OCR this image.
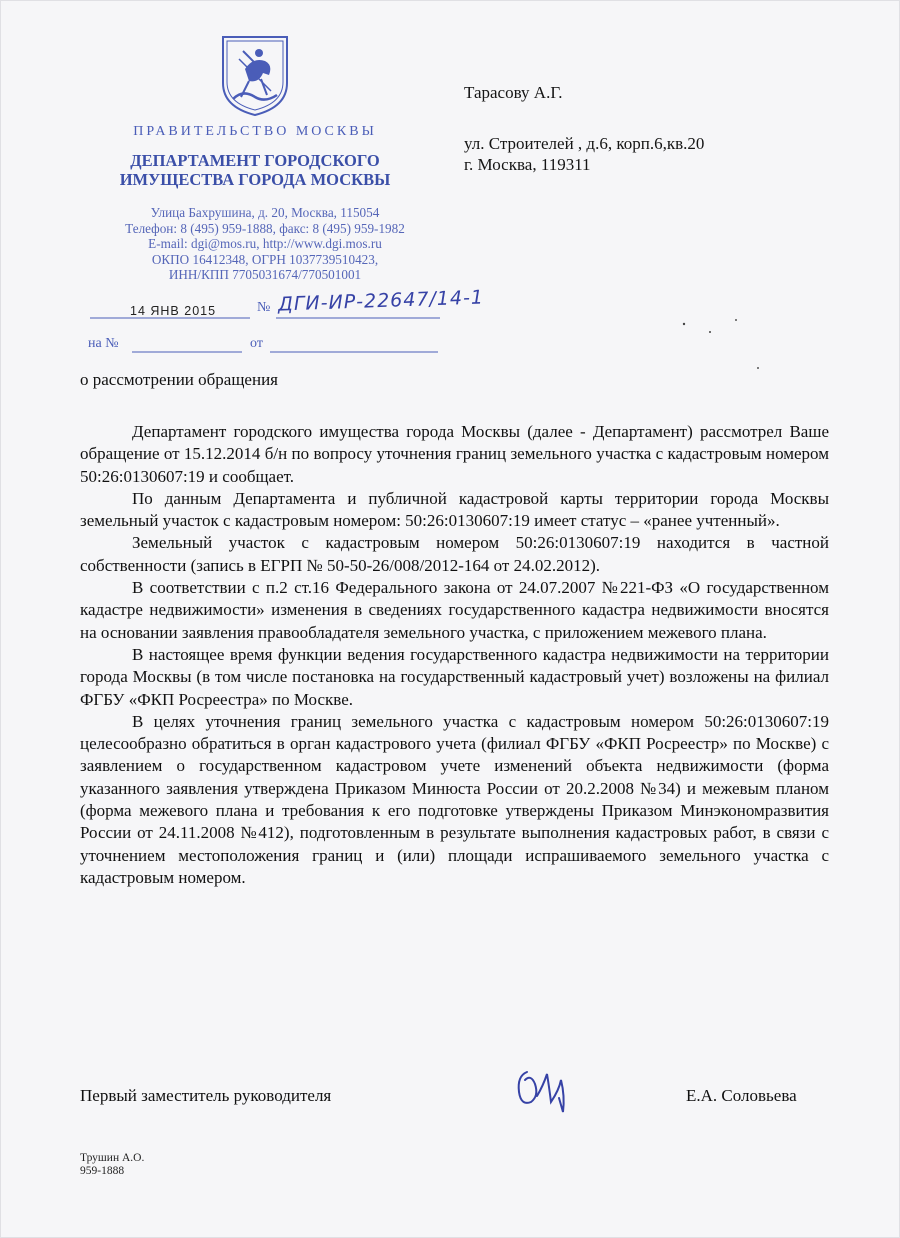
ПРАВИТЕЛЬСТВО МОСКВЫ
ДЕПАРТАМЕНТ ГОРОДСКОГО
ИМУЩЕСТВА ГОРОДА МОСКВЫ
Улица Бахрушина, д. 20, Москва, 115054
Телефон: 8 (495) 959-1888, факс: 8 (495) 959-1982
E-mail: dgi@mos.ru, http://www.dgi.mos.ru
ОКПО 16412348, ОГРН 1037739510423,
ИНН/КПП 7705031674/770501001
14 ЯНВ 2015	№ ДГИ-ИР-22647/14-1
на №	от
Тарасову А.Г.
ул. Строителей , д.6, корп.6,кв.20
г. Москва, 119311
о рассмотрении обращения

Департамент городского имущества города Москвы (далее - Департамент) рассмотрел Ваше обращение от 15.12.2014 б/н по вопросу уточнения границ земельного участка с кадастровым номером 50:26:0130607:19 и сообщает.

По данным Департамента и публичной кадастровой карты территории города Москвы земельный участок с кадастровым номером: 50:26:0130607:19 имеет статус – «ранее учтенный».

Земельный участок с кадастровым номером 50:26:0130607:19 находится в частной собственности (запись в ЕГРП № 50-50-26/008/2012-164 от 24.02.2012).

В соответствии с п.2 ст.16 Федерального закона от 24.07.2007 №221-ФЗ «О государственном кадастре недвижимости» изменения в сведениях государственного кадастра недвижимости вносятся на основании заявления правообладателя земельного участка, с приложением межевого плана.

В настоящее время функции ведения государственного кадастра недвижимости на территории города Москвы (в том числе постановка на государственный кадастровый учет) возложены на филиал ФГБУ «ФКП Росреестра» по Москве.

В целях уточнения границ земельного участка с кадастровым номером 50:26:0130607:19 целесообразно обратиться в орган кадастрового учета (филиал ФГБУ «ФКП Росреестр» по Москве) с заявлением о государственном кадастровом учете изменений объекта недвижимости (форма указанного заявления утверждена Приказом Минюста России от 20.2.2008 №34) и межевым планом (форма межевого плана и требования к его подготовке утверждены Приказом Минэкономразвития России от 24.11.2008 №412), подготовленным в результате выполнения кадастровых работ, в связи с уточнением местоположения границ и (или) площади испрашиваемого земельного участка с кадастровым номером.

Первый заместитель руководителя	Е.А. Соловьева
Трушин А.О.
959-1888
